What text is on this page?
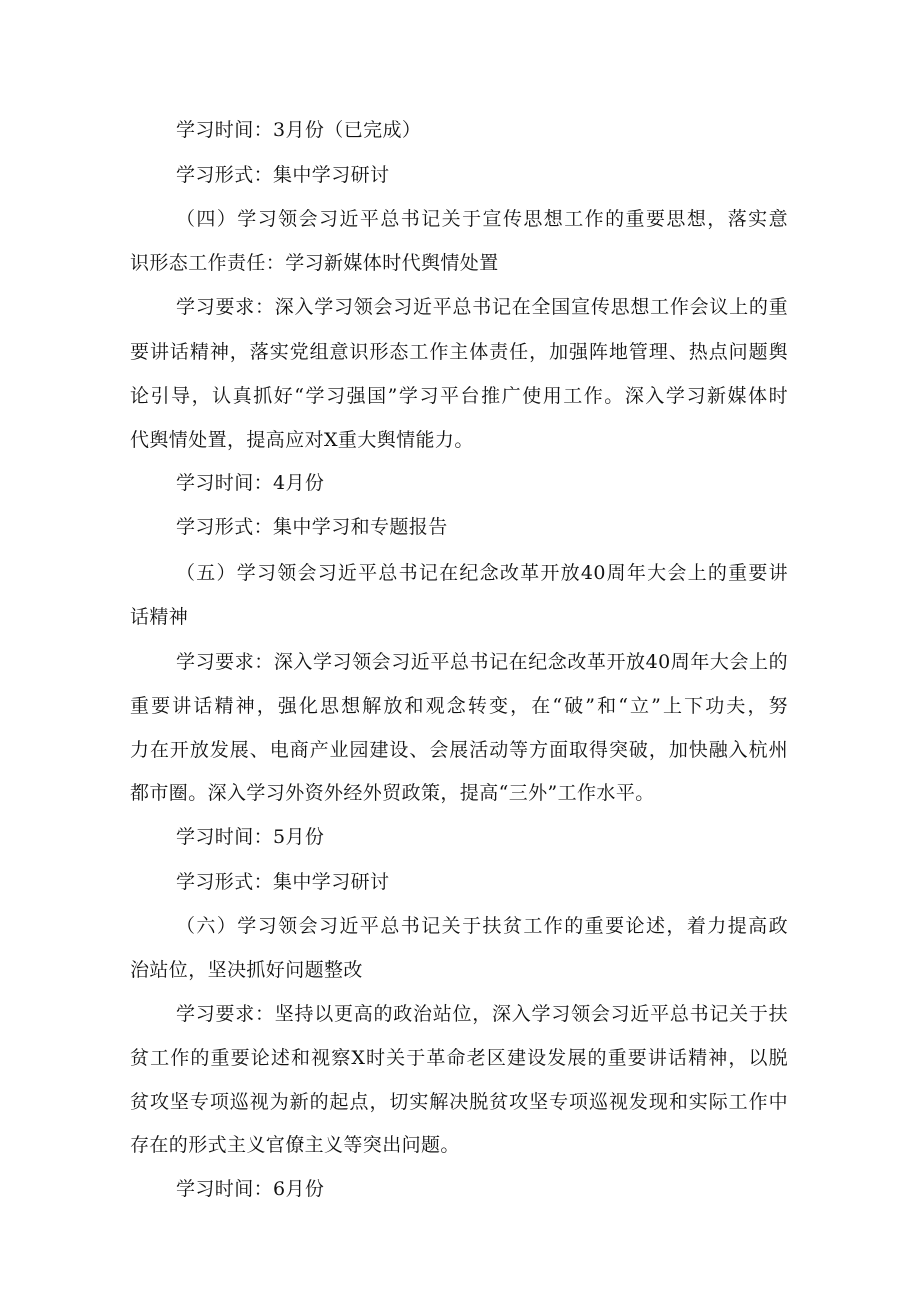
学习时间：3月份（已完成）
学习形式：集中学习研讨
（四）学习领会习近平总书记关于宣传思想工作的重要思想，落实意
识形态工作责任：学习新媒体时代舆情处置
学习要求：深入学习领会习近平总书记在全国宣传思想工作会议上的重
要讲话精神，落实党组意识形态工作主体责任，加强阵地管理、热点问题舆
论引导，认真抓好“学习强国”学习平台推广使用工作。深入学习新媒体时
代舆情处置，提高应对X重大舆情能力。
学习时间：4月份
学习形式：集中学习和专题报告
（五）学习领会习近平总书记在纪念改革开放40周年大会上的重要讲
话精神
学习要求：深入学习领会习近平总书记在纪念改革开放40周年大会上的
重要讲话精神，强化思想解放和观念转变，在“破”和“立”上下功夫，努
力在开放发展、电商产业园建设、会展活动等方面取得突破，加快融入杭州
都市圈。深入学习外资外经外贸政策，提高“三外”工作水平。
学习时间：5月份
学习形式：集中学习研讨
（六）学习领会习近平总书记关于扶贫工作的重要论述，着力提高政
治站位，坚决抓好问题整改
学习要求：坚持以更高的政治站位，深入学习领会习近平总书记关于扶
贫工作的重要论述和视察X时关于革命老区建设发展的重要讲话精神，以脱
贫攻坚专项巡视为新的起点，切实解决脱贫攻坚专项巡视发现和实际工作中
存在的形式主义官僚主义等突出问题。
学习时间：6月份
